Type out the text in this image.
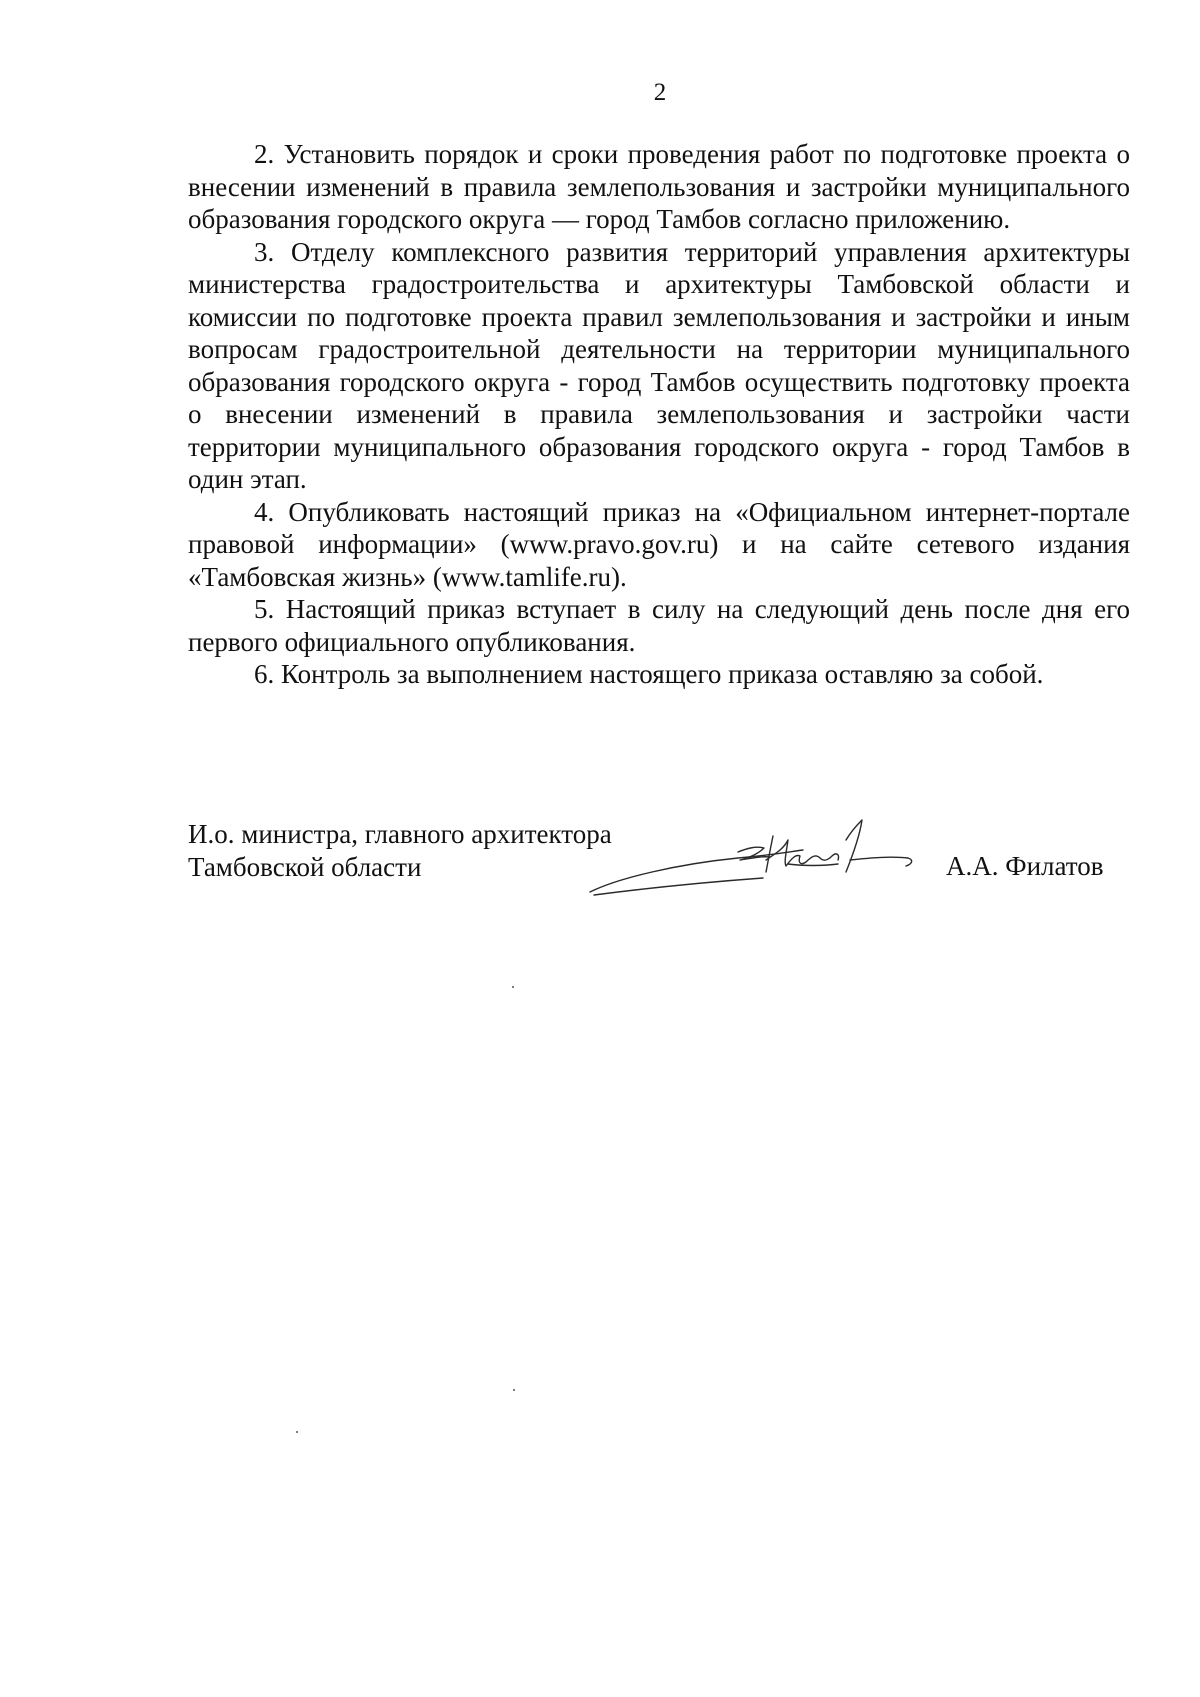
2

2. Установить порядок и сроки проведения работ по подготовке проекта о внесении изменений в правила землепользования и застройки муниципального образования городского округа — город Тамбов согласно приложению.

3. Отделу комплексного развития территорий управления архитектуры министерства градостроительства и архитектуры Тамбовской области и комиссии по подготовке проекта правил землепользования и застройки и иным вопросам градостроительной деятельности на территории муниципального образования городского округа - город Тамбов осуществить подготовку проекта о внесении изменений в правила землепользования и застройки части территории муниципального образования городского округа - город Тамбов в один этап.

4. Опубликовать настоящий приказ на «Официальном интернет-портале правовой информации» (www.pravo.gov.ru) и на сайте сетевого издания «Тамбовская жизнь» (www.tamlife.ru).

5. Настоящий приказ вступает в силу на следующий день после дня его первого официального опубликования.

6. Контроль за выполнением настоящего приказа оставляю за собой.

И.о. министра, главного архитектора
Тамбовской области	А.А. Филатов
